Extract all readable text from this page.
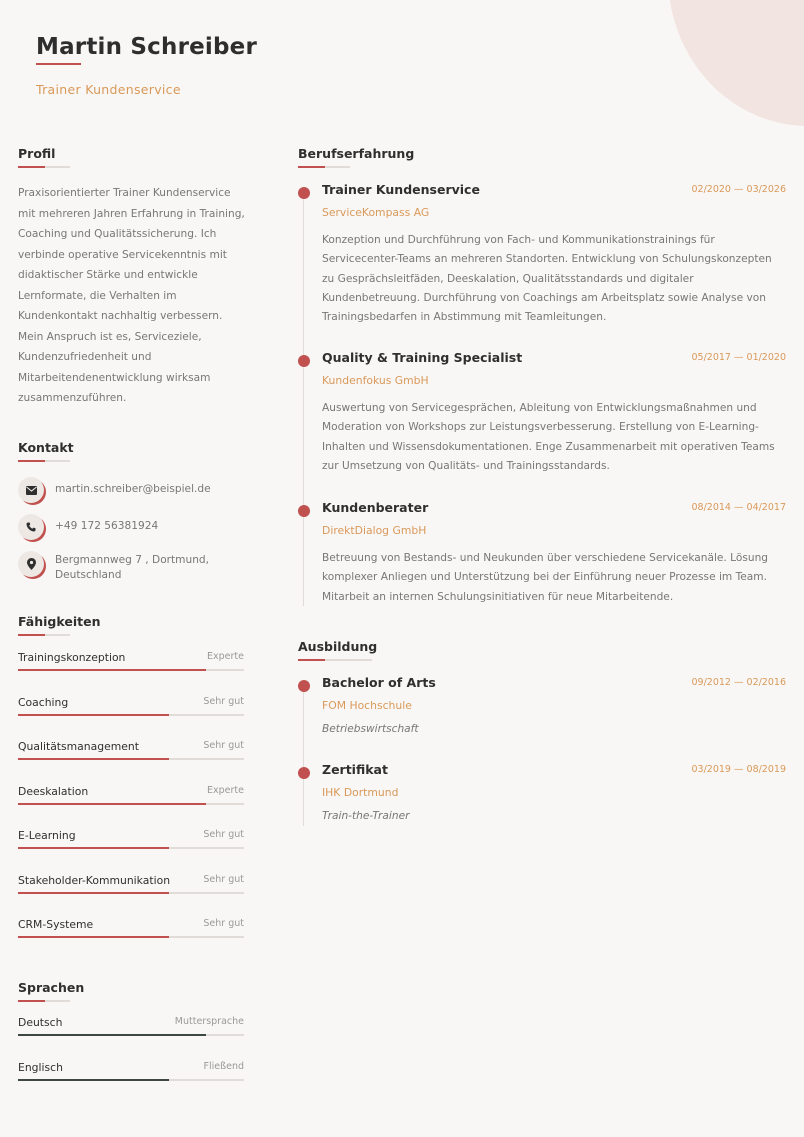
Martin Schreiber
Trainer Kundenservice
Profil
Praxisorientierter Trainer Kundenservice mit mehreren Jahren Erfahrung in Training, Coaching und Qualitätssicherung. Ich verbinde operative Servicekenntnis mit didaktischer Stärke und entwickle Lernformate, die Verhalten im Kundenkontakt nachhaltig verbessern. Mein Anspruch ist es, Serviceziele, Kundenzufriedenheit und Mitarbeitendenentwicklung wirksam zusammenzuführen.
Kontakt
martin.schreiber@beispiel.de
+49 172 56381924
Bergmannweg 7 , Dortmund, Deutschland
Fähigkeiten
Trainingskonzeption	Experte
Coaching	Sehr gut
Qualitätsmanagement	Sehr gut
Deeskalation	Experte
E-Learning	Sehr gut
Stakeholder-Kommunikation	Sehr gut
CRM-Systeme	Sehr gut
Sprachen
Deutsch	Muttersprache
Englisch	Fließend
Berufserfahrung
Trainer Kundenservice	02/2020 — 03/2026
ServiceKompass AG
Konzeption und Durchführung von Fach- und Kommunikationstrainings für Servicecenter-Teams an mehreren Standorten. Entwicklung von Schulungskonzepten zu Gesprächsleitfäden, Deeskalation, Qualitätsstandards und digitaler Kundenbetreuung. Durchführung von Coachings am Arbeitsplatz sowie Analyse von Trainingsbedarfen in Abstimmung mit Teamleitungen.
Quality & Training Specialist	05/2017 — 01/2020
Kundenfokus GmbH
Auswertung von Servicegesprächen, Ableitung von Entwicklungsmaßnahmen und Moderation von Workshops zur Leistungsverbesserung. Erstellung von E-Learning-Inhalten und Wissensdokumentationen. Enge Zusammenarbeit mit operativen Teams zur Umsetzung von Qualitäts- und Trainingsstandards.
Kundenberater	08/2014 — 04/2017
DirektDialog GmbH
Betreuung von Bestands- und Neukunden über verschiedene Servicekanäle. Lösung komplexer Anliegen und Unterstützung bei der Einführung neuer Prozesse im Team. Mitarbeit an internen Schulungsinitiativen für neue Mitarbeitende.
Ausbildung
Bachelor of Arts	09/2012 — 02/2016
FOM Hochschule
Betriebswirtschaft
Zertifikat	03/2019 — 08/2019
IHK Dortmund
Train-the-Trainer
